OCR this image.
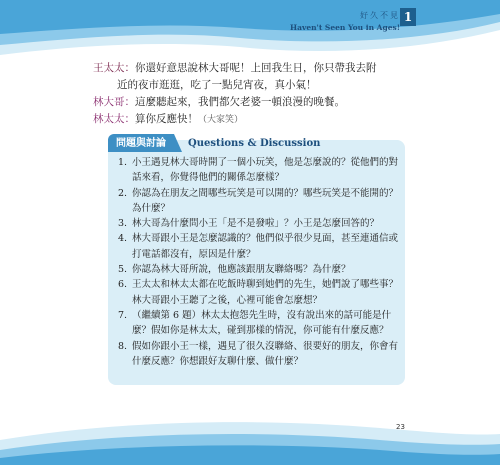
好久不見
Haven't Seen You in Ages!
1
王太太：你還好意思說林大哥呢！上回我生日，你只帶我去附
近的夜市逛逛，吃了一點兒宵夜，真小氣！
林大哥：這麼聽起來，我們都欠老婆一頓浪漫的晚餐。
林太太：算你反應快！（大家笑）
問題與討論	Questions & Discussion
1. 小王遇見林大哥時開了一個小玩笑，他是怎麼說的？從他們的對
話來看，你覺得他們的關係怎麼樣？
2. 你認為在朋友之間哪些玩笑是可以開的？哪些玩笑是不能開的？
為什麼？
3. 林大哥為什麼問小王「是不是發啦」？小王是怎麼回答的？
4. 林大哥跟小王是怎麼認識的？他們似乎很少見面，甚至連通信或
打電話都沒有，原因是什麼？
5. 你認為林大哥所說，他應該跟朋友聯絡嗎？為什麼？
6. 王太太和林太太都在吃飯時聊到她們的先生，她們說了哪些事？
林大哥跟小王聽了之後，心裡可能會怎麼想？
7. （繼續第 6 題）林太太抱怨先生時，沒有說出來的話可能是什
麼？假如你是林太太，碰到那樣的情況，你可能有什麼反應？
8. 假如你跟小王一樣，遇見了很久沒聯絡、很要好的朋友，你會有
什麼反應？你想跟好友聊什麼、做什麼？
23
